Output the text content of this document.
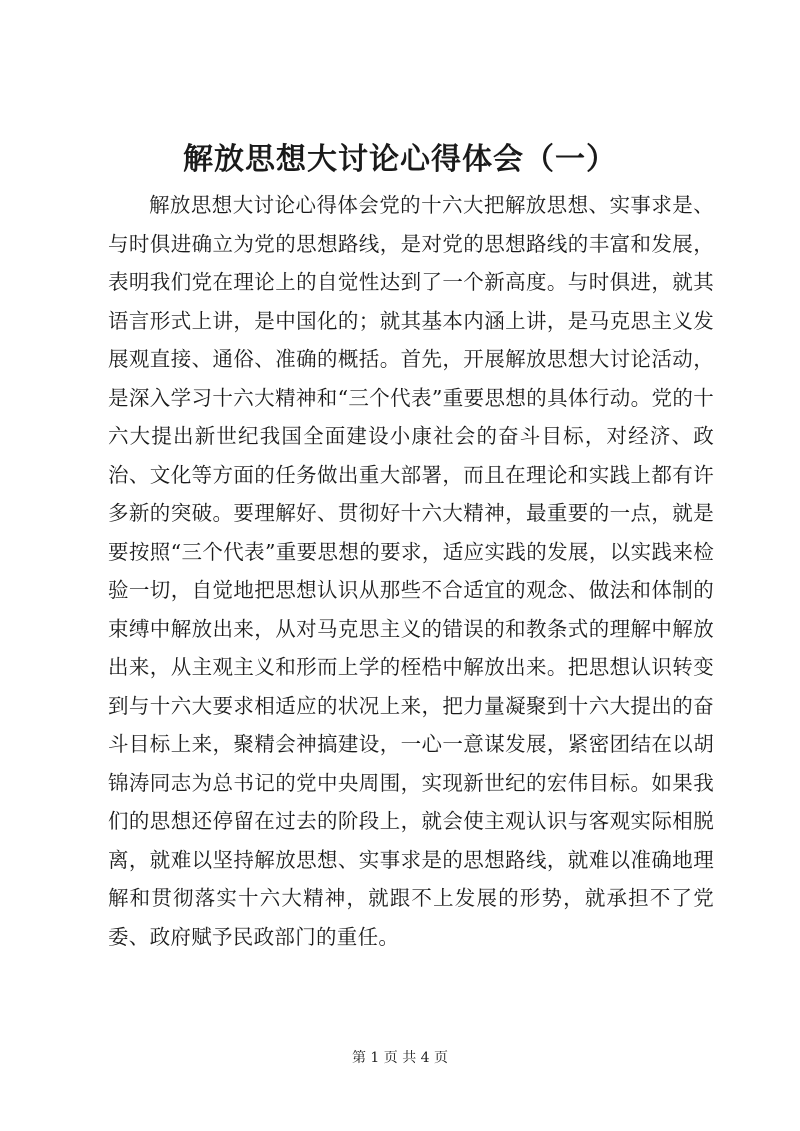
解放思想大讨论心得体会（一）

解放思想大讨论心得体会党的十六大把解放思想、实事求是、与时俱进确立为党的思想路线，是对党的思想路线的丰富和发展，表明我们党在理论上的自觉性达到了一个新高度。与时俱进，就其语言形式上讲，是中国化的；就其基本内涵上讲，是马克思主义发展观直接、通俗、准确的概括。首先，开展解放思想大讨论活动，是深入学习十六大精神和“三个代表”重要思想的具体行动。党的十六大提出新世纪我国全面建设小康社会的奋斗目标，对经济、政治、文化等方面的任务做出重大部署，而且在理论和实践上都有许多新的突破。要理解好、贯彻好十六大精神，最重要的一点，就是要按照“三个代表”重要思想的要求，适应实践的发展，以实践来检验一切，自觉地把思想认识从那些不合适宜的观念、做法和体制的束缚中解放出来，从对马克思主义的错误的和教条式的理解中解放出来，从主观主义和形而上学的桎梏中解放出来。把思想认识转变到与十六大要求相适应的状况上来，把力量凝聚到十六大提出的奋斗目标上来，聚精会神搞建设，一心一意谋发展，紧密团结在以胡锦涛同志为总书记的党中央周围，实现新世纪的宏伟目标。如果我们的思想还停留在过去的阶段上，就会使主观认识与客观实际相脱离，就难以坚持解放思想、实事求是的思想路线，就难以准确地理解和贯彻落实十六大精神，就跟不上发展的形势，就承担不了党委、政府赋予民政部门的重任。

第 1 页 共 4 页
